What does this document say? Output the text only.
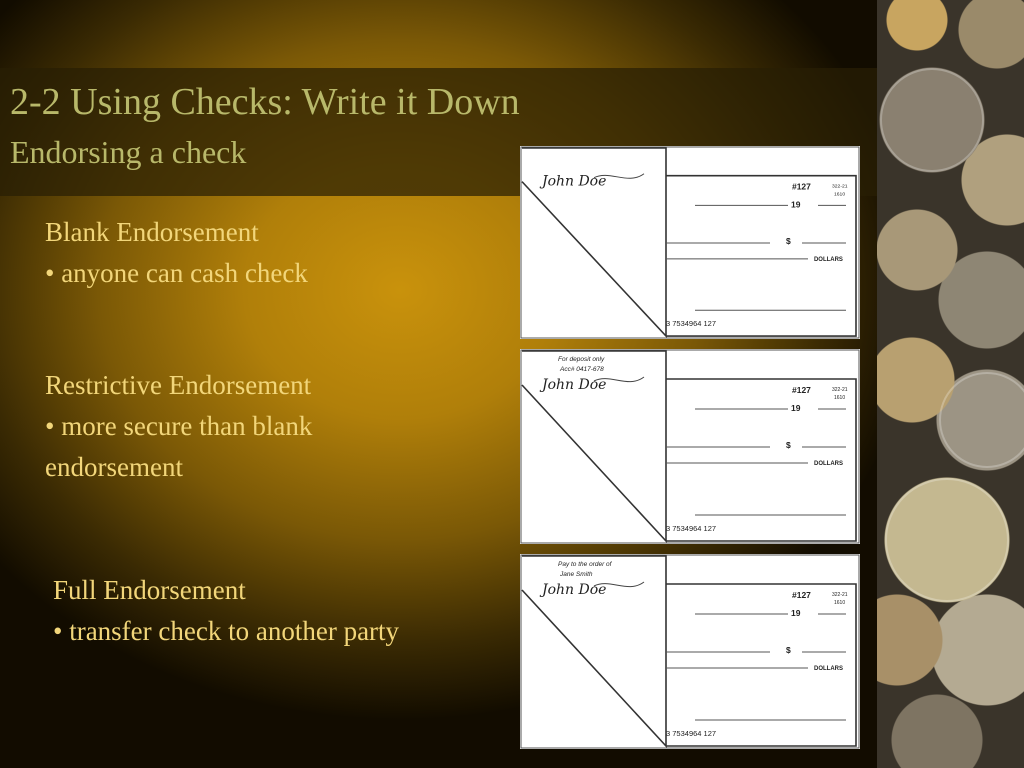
2-2 Using Checks: Write it Down
Endorsing a check
Blank Endorsement
• anyone can cash check
Restrictive Endorsement
• more secure than blank
endorsement
Full Endorsement
• transfer check to another party
#127	322-21
1610
19
$
DOLLARS
3 7534964 127
John Doe
#127	322-21
1610
19
$
DOLLARS
3 7534964 127
For deposit only
Acc# 0417-678
John Doe
#127	322-21
1610
19
$
DOLLARS
3 7534964 127
Pay to the order of
Jane Smith
John Doe
